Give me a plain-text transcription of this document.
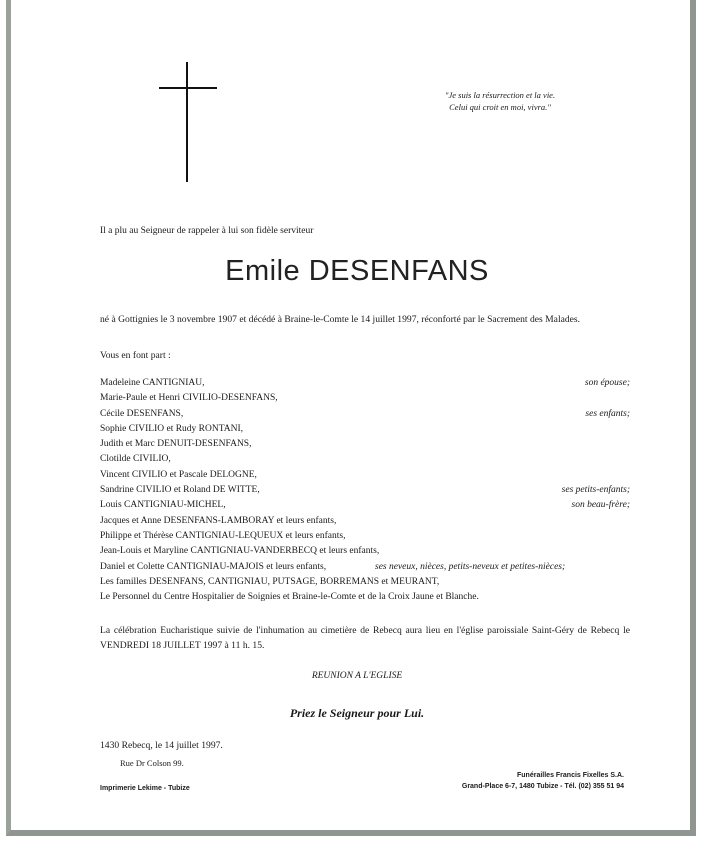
"Je suis la résurrection et la vie.
Celui qui croit en moi, vivra."
Il a plu au Seigneur de rappeler à lui son fidèle serviteur
Emile DESENFANS
né à Gottignies le 3 novembre 1907 et décédé à Braine-le-Comte le 14 juillet 1997, réconforté par le Sacrement des Malades.
Vous en font part :
Madeleine CANTIGNIAU,	son épouse;
Marie-Paule et Henri CIVILIO-DESENFANS,
Cécile DESENFANS,	ses enfants;
Sophie CIVILIO et Rudy RONTANI,
Judith et Marc DENUIT-DESENFANS,
Clotilde CIVILIO,
Vincent CIVILIO et Pascale DELOGNE,
Sandrine CIVILIO et Roland DE WITTE,	ses petits-enfants;
Louis CANTIGNIAU-MICHEL,	son beau-frère;
Jacques et Anne DESENFANS-LAMBORAY et leurs enfants,
Philippe et Thérèse CANTIGNIAU-LEQUEUX et leurs enfants,
Jean-Louis et Maryline CANTIGNIAU-VANDERBECQ et leurs enfants,
Daniel et Colette CANTIGNIAU-MAJOIS et leurs enfants,	ses neveux, nièces, petits-neveux et petites-nièces;
Les familles DESENFANS, CANTIGNIAU, PUTSAGE, BORREMANS et MEURANT,
Le Personnel du Centre Hospitalier de Soignies et Braine-le-Comte et de la Croix Jaune et Blanche.
La célébration Eucharistique suivie de l'inhumation au cimetière de Rebecq aura lieu en l'église paroissiale Saint-Géry de Rebecq le VENDREDI 18 JUILLET 1997 à 11 h. 15.
REUNION A L'EGLISE
Priez le Seigneur pour Lui.
1430 Rebecq, le 14 juillet 1997.
Rue Dr Colson 99.
Imprimerie Lekime - Tubize
Funérailles Francis Fixelles S.A.
Grand-Place 6-7, 1480 Tubize - Tél. (02) 355 51 94
